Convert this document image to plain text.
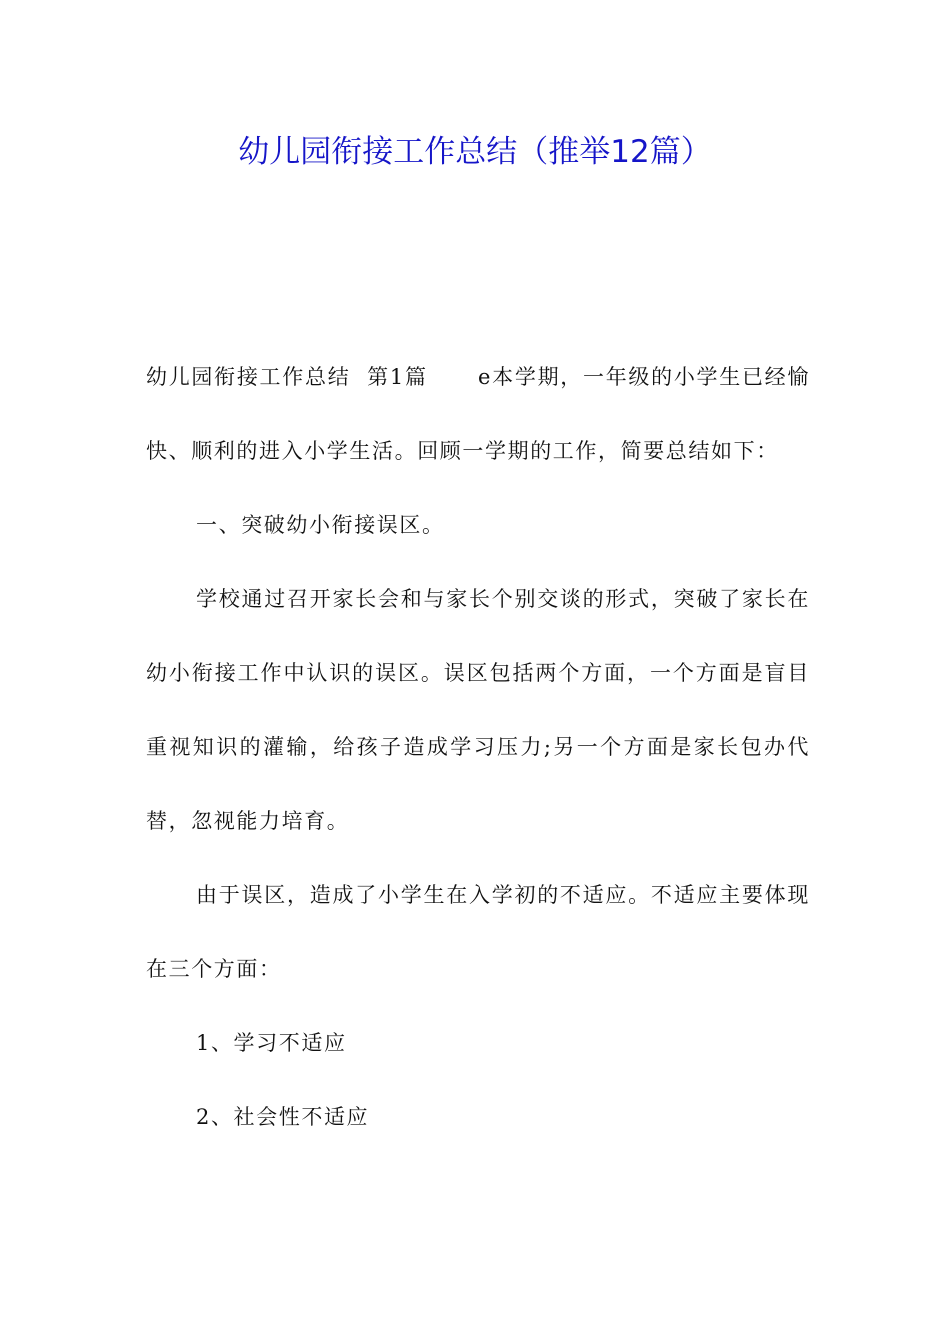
幼儿园衔接工作总结（推举12篇）

幼儿园衔接工作总结  第1篇      e本学期，一年级的小学生已经愉快、顺利的进入小学生活。回顾一学期的工作，简要总结如下：

一、突破幼小衔接误区。

学校通过召开家长会和与家长个别交谈的形式，突破了家长在幼小衔接工作中认识的误区。误区包括两个方面，一个方面是盲目重视知识的灌输，给孩子造成学习压力;另一个方面是家长包办代替，忽视能力培育。

由于误区，造成了小学生在入学初的不适应。不适应主要体现在三个方面：

1、学习不适应

2、社会性不适应
